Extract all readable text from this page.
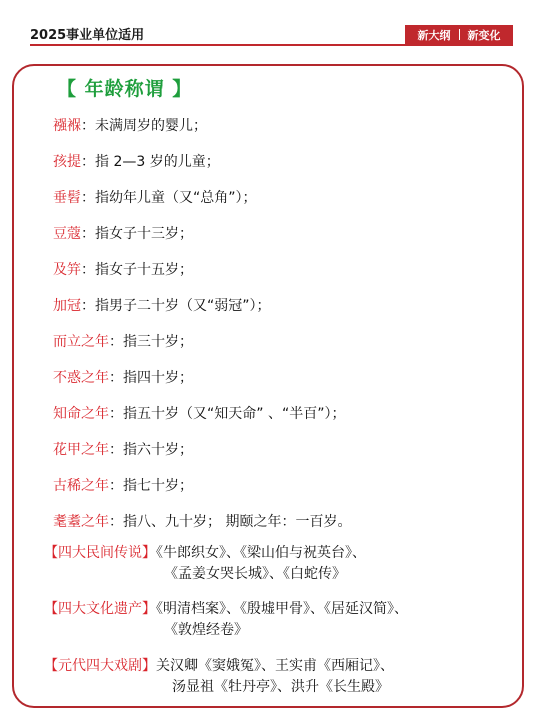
2025事业单位适用	新大纲 新变化
【 年龄称谓 】
襁褓：未满周岁的婴儿；
孩提：指 2—3 岁的儿童；
垂髫：指幼年儿童（又“总角”）；
豆蔻：指女子十三岁；
及笄：指女子十五岁；
加冠：指男子二十岁（又“弱冠”）；
而立之年：指三十岁；
不惑之年：指四十岁；
知命之年：指五十岁（又“知天命” 、“半百”）；
花甲之年：指六十岁；
古稀之年：指七十岁；
耄耋之年：指八、九十岁； 期颐之年：一百岁。
【四大民间传说】《牛郎织女》、《梁山伯与祝英台》、
《孟姜女哭长城》、《白蛇传》
【四大文化遗产】《明清档案》、《殷墟甲骨》、《居延汉简》、
《敦煌经卷》
【元代四大戏剧】关汉卿《窦娥冤》、王实甫《西厢记》、
汤显祖《牡丹亭》、洪升《长生殿》
